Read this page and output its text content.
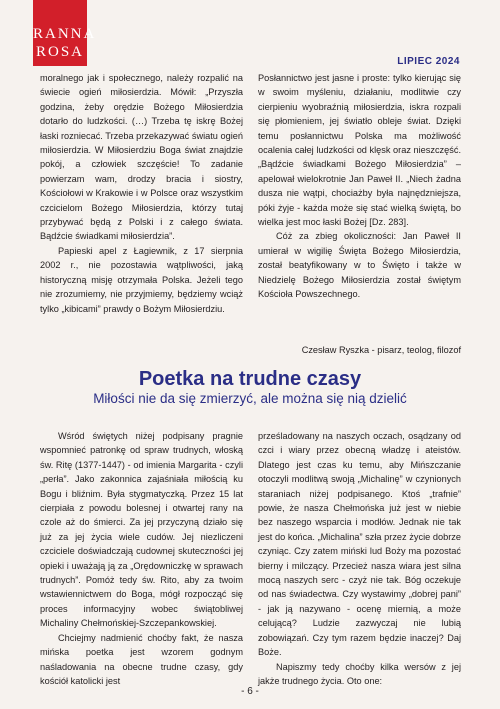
RANNA
ROSA
LIPIEC 2024

moralnego jak i społecznego, należy rozpalić na świecie ogień miłosierdzia. Mówił: „Przyszła godzina, żeby orędzie Bożego Miłosierdzia dotarło do ludzkości. (…) Trzeba tę iskrę Bożej łaski rozniecać. Trzeba przekazywać światu ogień miłosierdzia. W Miłosierdziu Boga świat znajdzie pokój, a człowiek szczęście! To zadanie powierzam wam, drodzy bracia i siostry, Kościołowi w Krakowie i w Polsce oraz wszystkim czcicielom Bożego Miłosierdzia, którzy tutaj przybywać będą z Polski i z całego świata. Bądźcie świadkami miłosierdzia”.

Papieski apel z Łagiewnik, z 17 sierpnia 2002 r., nie pozostawia wątpliwości, jaką historyczną misję otrzymała Polska. Jeżeli tego nie zrozumiemy, nie przyjmiemy, będziemy wciąż tylko „kibicami” prawdy o Bożym Miłosierdziu.

Posłannictwo jest jasne i proste: tylko kierując się w swoim myśleniu, działaniu, modlitwie czy cierpieniu wyobraźnią miłosierdzia, iskra rozpali się płomieniem, jej światło obleje świat. Dzięki temu posłannictwu Polska ma możliwość ocalenia całej ludzkości od klęsk oraz nieszczęść. „Bądźcie świadkami Bożego Miłosierdzia” – apelował wielokrotnie Jan Paweł II. „Niech żadna dusza nie wątpi, chociażby była najnędzniejsza, póki żyje - każda może się stać wielką świętą, bo wielka jest moc łaski Bożej [Dz. 283].

Cóż za zbieg okoliczności: Jan Paweł II umierał w wigilię Święta Bożego Miłosierdzia, został beatyfikowany w to Święto i także w Niedzielę Bożego Miłosierdzia został świętym Kościoła Powszechnego.

Czesław Ryszka - pisarz, teolog, filozof
Poetka na trudne czasy
Miłości nie da się zmierzyć, ale można się nią dzielić

Wśród świętych niżej podpisany pragnie wspomnieć patronkę od spraw trudnych, włoską św. Ritę (1377-1447) - od imienia Margarita - czyli „perła”. Jako zakonnica zajaśniała miłością ku Bogu i bliźnim. Była stygmatyczką. Przez 15 lat cierpiała z powodu bolesnej i otwartej rany na czole aż do śmierci. Za jej przyczyną działo się już za jej życia wiele cudów. Jej niezliczeni czciciele doświadczają cudownej skuteczności jej opieki i uważają ją za „Orędowniczkę w sprawach trudnych”. Pomóż tedy św. Rito, aby za twoim wstawiennictwem do Boga, mógł rozpocząć się proces informacyjny wobec świątobliwej Michaliny Chełmońskiej-Szczepankowskiej.

Chciejmy nadmienić choćby fakt, że nasza mińska poetka jest wzorem godnym naśladowania na obecne trudne czasy, gdy kościół katolicki jest

prześladowany na naszych oczach, osądzany od czci i wiary przez obecną władzę i ateistów. Dlatego jest czas ku temu, aby Mińszczanie otoczyli modlitwą swoją „Michalinę” w czynionych staraniach niżej podpisanego. Ktoś „trafnie” powie, że nasza Chełmońska już jest w niebie bez naszego wsparcia i modłów. Jednak nie tak jest do końca. „Michalina” szła przez życie dobrze czyniąc. Czy zatem miński lud Boży ma pozostać bierny i milczący. Przecież nasza wiara jest silna mocą naszych serc - czyż nie tak. Bóg oczekuje od nas świadectwa. Czy wystawimy „dobrej pani” - jak ją nazywano - ocenę miernią, a może celującą? Ludzie zazwyczaj nie lubią zobowiązań. Czy tym razem będzie inaczej? Daj Boże.

Napiszmy tedy choćby kilka wersów z jej jakże trudnego życia. Oto one:

- 6 -
